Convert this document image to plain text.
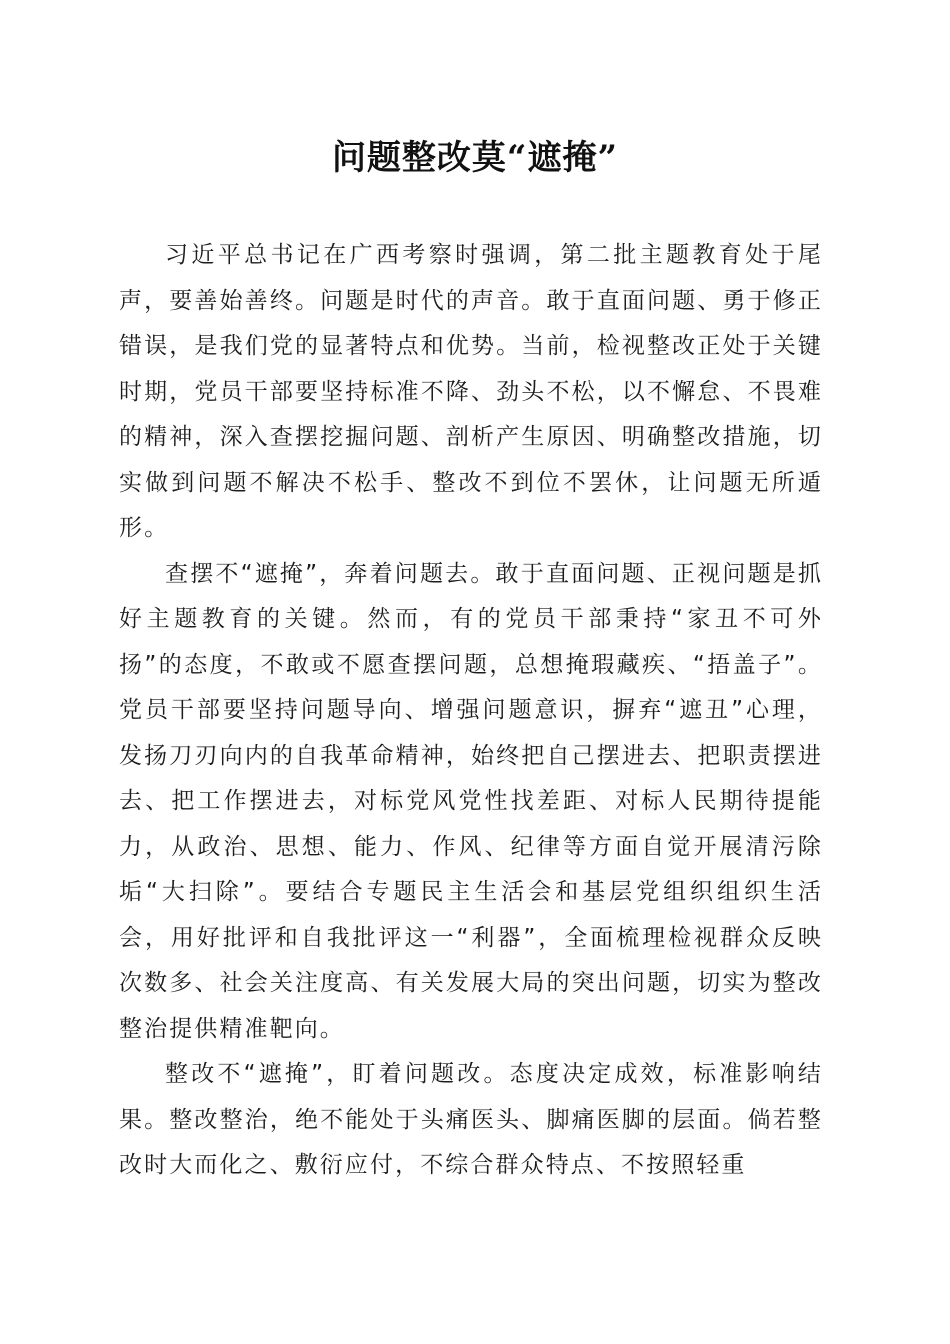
问题整改莫“遮掩”

习近平总书记在广西考察时强调，第二批主题教育处于尾声，要善始善终。问题是时代的声音。敢于直面问题、勇于修正错误，是我们党的显著特点和优势。当前，检视整改正处于关键时期，党员干部要坚持标准不降、劲头不松，以不懈怠、不畏难的精神，深入查摆挖掘问题、剖析产生原因、明确整改措施，切实做到问题不解决不松手、整改不到位不罢休，让问题无所遁形。

查摆不“遮掩”，奔着问题去。敢于直面问题、正视问题是抓好主题教育的关键。然而，有的党员干部秉持“家丑不可外扬”的态度，不敢或不愿查摆问题，总想掩瑕藏疾、“捂盖子”。党员干部要坚持问题导向、增强问题意识，摒弃“遮丑”心理，发扬刀刃向内的自我革命精神，始终把自己摆进去、把职责摆进去、把工作摆进去，对标党风党性找差距、对标人民期待提能力，从政治、思想、能力、作风、纪律等方面自觉开展清污除垢“大扫除”。要结合专题民主生活会和基层党组织组织生活会，用好批评和自我批评这一“利器”，全面梳理检视群众反映次数多、社会关注度高、有关发展大局的突出问题，切实为整改整治提供精准靶向。

整改不“遮掩”，盯着问题改。态度决定成效，标准影响结果。整改整治，绝不能处于头痛医头、脚痛医脚的层面。倘若整改时大而化之、敷衍应付，不综合群众特点、不按照轻重
